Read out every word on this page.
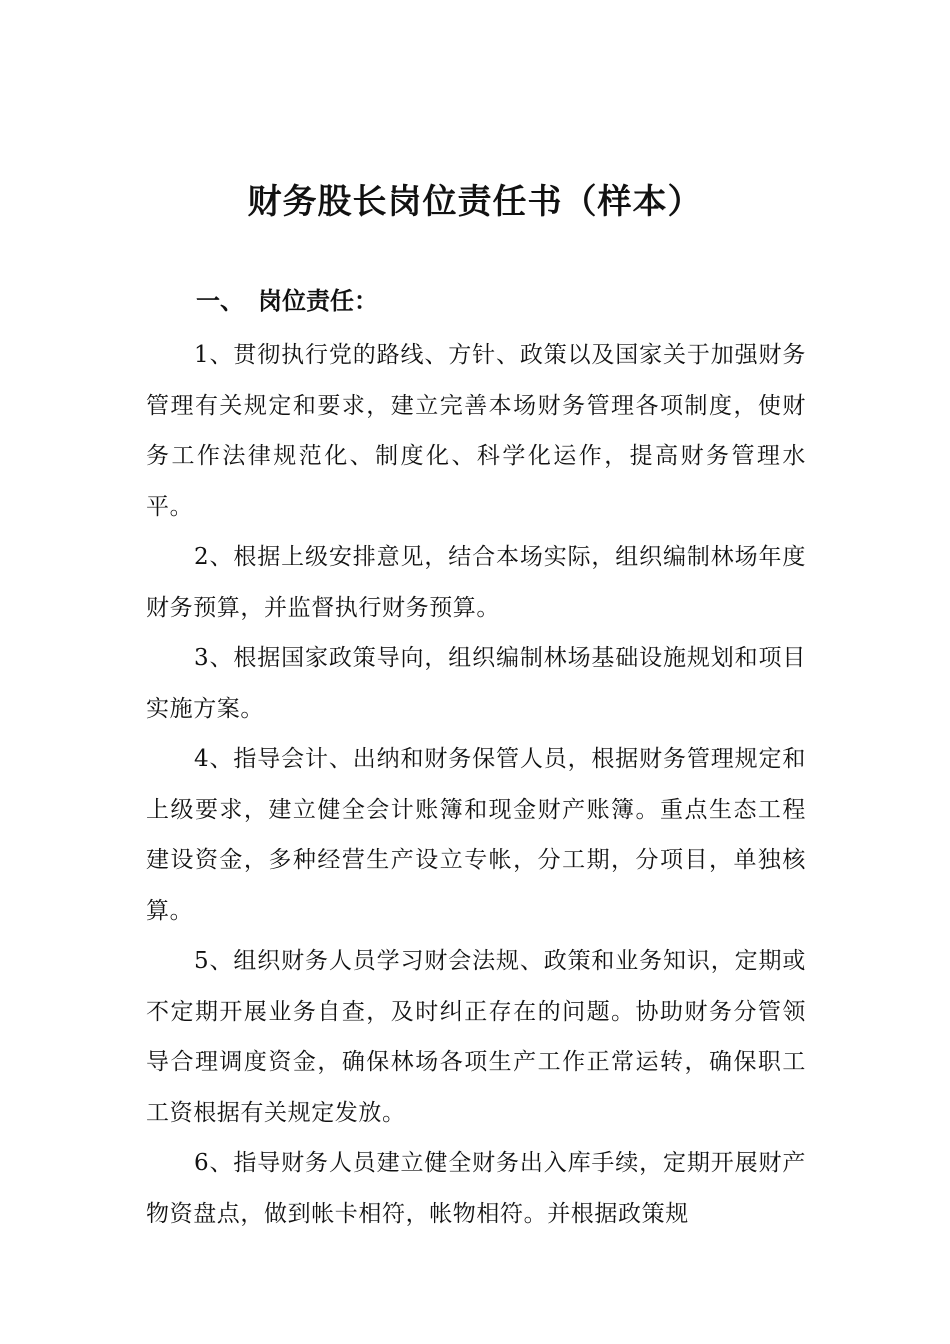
财务股长岗位责任书（样本）
一、 岗位责任：

1、贯彻执行党的路线、方针、政策以及国家关于加强财务管理有关规定和要求，建立完善本场财务管理各项制度，使财务工作法律规范化、制度化、科学化运作，提高财务管理水平。

2、根据上级安排意见，结合本场实际，组织编制林场年度财务预算，并监督执行财务预算。

3、根据国家政策导向，组织编制林场基础设施规划和项目实施方案。

4、指导会计、出纳和财务保管人员，根据财务管理规定和上级要求，建立健全会计账簿和现金财产账簿。重点生态工程建设资金，多种经营生产设立专帐，分工期，分项目，单独核算。

5、组织财务人员学习财会法规、政策和业务知识，定期或不定期开展业务自查，及时纠正存在的问题。协助财务分管领导合理调度资金，确保林场各项生产工作正常运转，确保职工工资根据有关规定发放。

6、指导财务人员建立健全财务出入库手续，定期开展财产物资盘点，做到帐卡相符，帐物相符。并根据政策规
